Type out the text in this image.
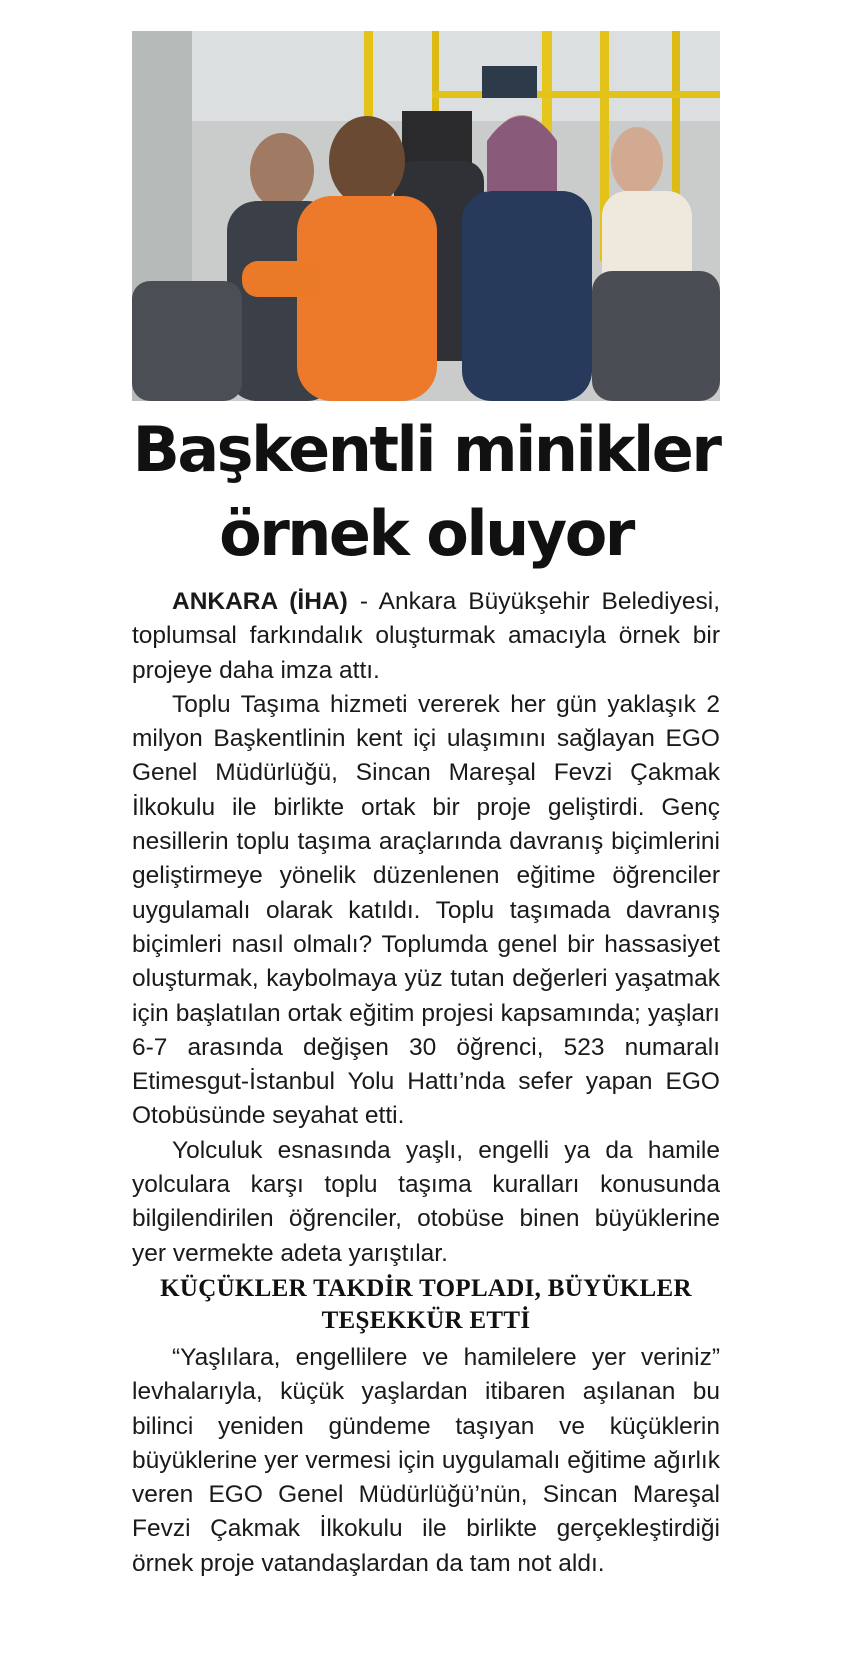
Başkentli minikler
örnek oluyor

ANKARA (İHA) - Ankara Büyükşehir Belediyesi, toplumsal farkındalık oluşturmak amacıyla örnek bir projeye daha imza attı.

Toplu Taşıma hizmeti vererek her gün yaklaşık 2 milyon Başkentlinin kent içi ulaşımını sağlayan EGO Genel Müdürlüğü, Sincan Mareşal Fevzi Çakmak İlkokulu ile birlikte ortak bir proje geliştirdi. Genç nesillerin toplu taşıma araçlarında davranış biçimlerini geliştirmeye yönelik düzenlenen eğitime öğrenciler uygulamalı olarak katıldı. Toplu taşımada davranış biçimleri nasıl olmalı? Toplumda genel bir hassasiyet oluşturmak, kaybolmaya yüz tutan değerleri yaşatmak için başlatılan ortak eğitim projesi kapsamında; yaşları 6-7 arasında değişen 30 öğrenci, 523 numaralı Etimesgut-İstanbul Yolu Hattı’nda sefer yapan EGO Otobüsünde seyahat etti.

Yolculuk esnasında yaşlı, engelli ya da hamile yolculara karşı toplu taşıma kuralları konusunda bilgilendirilen öğrenciler, otobüse binen büyüklerine yer vermekte adeta yarıştılar.

KÜÇÜKLER TAKDİR TOPLADI, BÜYÜKLER TEŞEKKÜR ETTİ

“Yaşlılara, engellilere ve hamilelere yer veriniz” levhalarıyla, küçük yaşlardan itibaren aşılanan bu bilinci yeniden gündeme taşıyan ve küçüklerin büyüklerine yer vermesi için uygulamalı eğitime ağırlık veren EGO Genel Müdürlüğü’nün, Sincan Mareşal Fevzi Çakmak İlkokulu ile birlikte gerçekleştirdiği örnek proje vatandaşlardan da tam not aldı.
